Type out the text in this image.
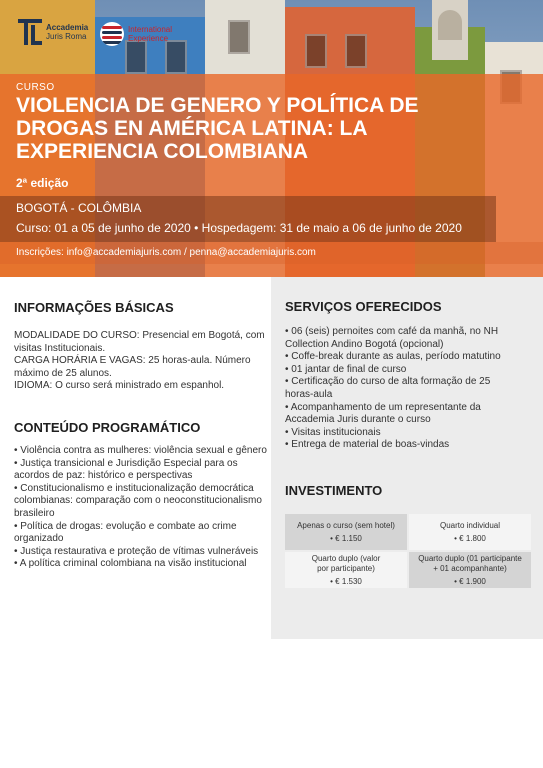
Accademia
Juris Roma
International
Experience
CURSO
VIOLENCIA DE GENERO Y POLÍTICA DE DROGAS EN AMÉRICA LATINA: LA EXPERIENCIA COLOMBIANA
2ª edição
BOGOTÁ - COLÔMBIA
Curso: 01 a 05 de junho de 2020 • Hospedagem: 31 de maio a 06 de junho de 2020
Inscrições: info@accademiajuris.com / penna@accademiajuris.com
INFORMAÇÕES BÁSICAS

MODALIDADE DO CURSO: Presencial em Bogotá, com visitas Institucionais.

CARGA HORÁRIA E VAGAS: 25 horas-aula. Número máximo de 25 alunos.

IDIOMA: O curso será ministrado em espanhol.

CONTEÚDO PROGRAMÁTICO
• Violência contra as mulheres: violência sexual e gênero
• Justiça transicional e Jurisdição Especial para os acordos de paz: histórico e perspectivas
• Constitucionalismo e institucionalização democrática colombianas: comparação com o neoconstitucionalismo brasileiro
• Política de drogas: evolução e combate ao crime organizado
• Justiça restaurativa e proteção de vítimas vulneráveis
• A política criminal colombiana na visão institucional
SERVIÇOS OFERECIDOS
• 06 (seis) pernoites com café da manhã, no NH Collection Andino Bogotá (opcional)
• Coffe-break durante as aulas, período matutino
• 01 jantar de final de curso
• Certificação do curso de alta formação de 25 horas-aula
• Acompanhamento de um representante da Accademia Juris durante o curso
• Visitas institucionais
• Entrega de material de boas-vindas
INVESTIMENTO
Apenas o curso (sem hotel)
• € 1.150
Quarto individual
• € 1.800
Quarto duplo (valor por participante)
• € 1.530
Quarto duplo (01 participante + 01 acompanhante)
• € 1.900
